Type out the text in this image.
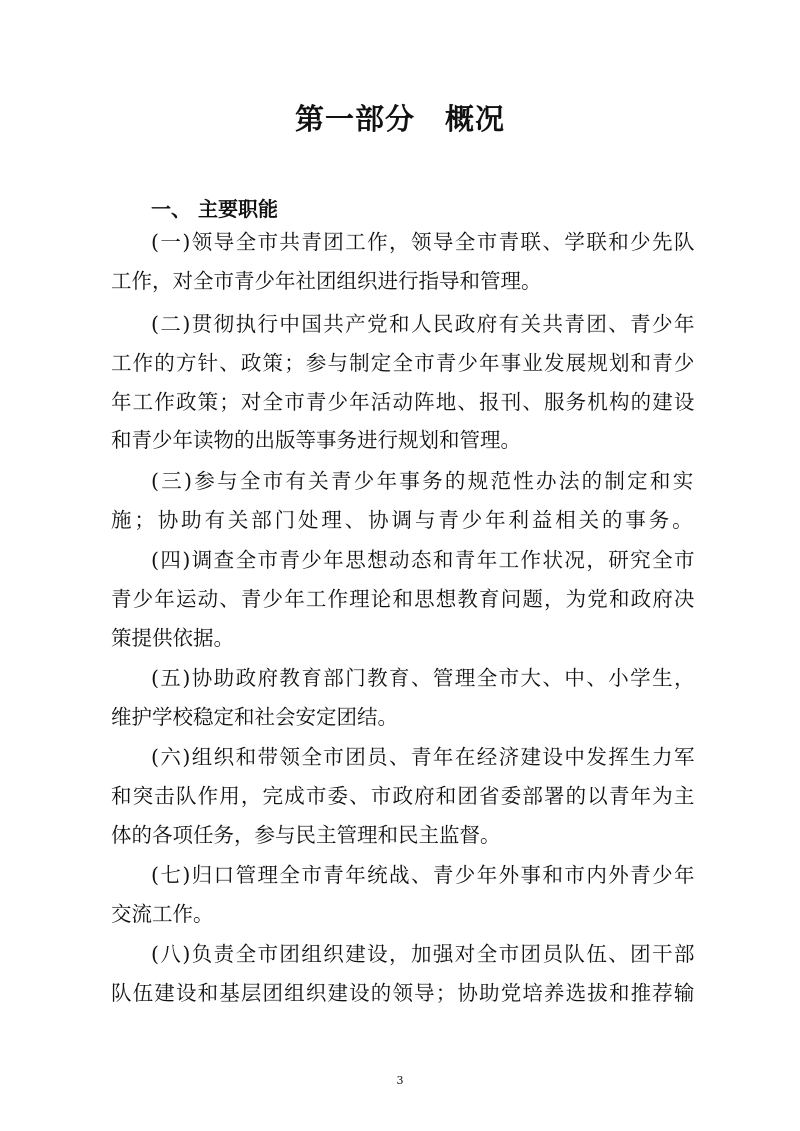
第一部分　概况
一、 主要职能
(一)领导全市共青团工作，领导全市青联、学联和少先队
工作，对全市青少年社团组织进行指导和管理。
(二)贯彻执行中国共产党和人民政府有关共青团、青少年
工作的方针、政策；参与制定全市青少年事业发展规划和青少
年工作政策；对全市青少年活动阵地、报刊、服务机构的建设
和青少年读物的出版等事务进行规划和管理。
(三)参与全市有关青少年事务的规范性办法的制定和实
施；协助有关部门处理、协调与青少年利益相关的事务。
(四)调查全市青少年思想动态和青年工作状况，研究全市
青少年运动、青少年工作理论和思想教育问题，为党和政府决
策提供依据。
(五)协助政府教育部门教育、管理全市大、中、小学生，
维护学校稳定和社会安定团结。
(六)组织和带领全市团员、青年在经济建设中发挥生力军
和突击队作用，完成市委、市政府和团省委部署的以青年为主
体的各项任务，参与民主管理和民主监督。
(七)归口管理全市青年统战、青少年外事和市内外青少年
交流工作。
(八)负责全市团组织建设，加强对全市团员队伍、团干部
队伍建设和基层团组织建设的领导；协助党培养选拔和推荐输
3
